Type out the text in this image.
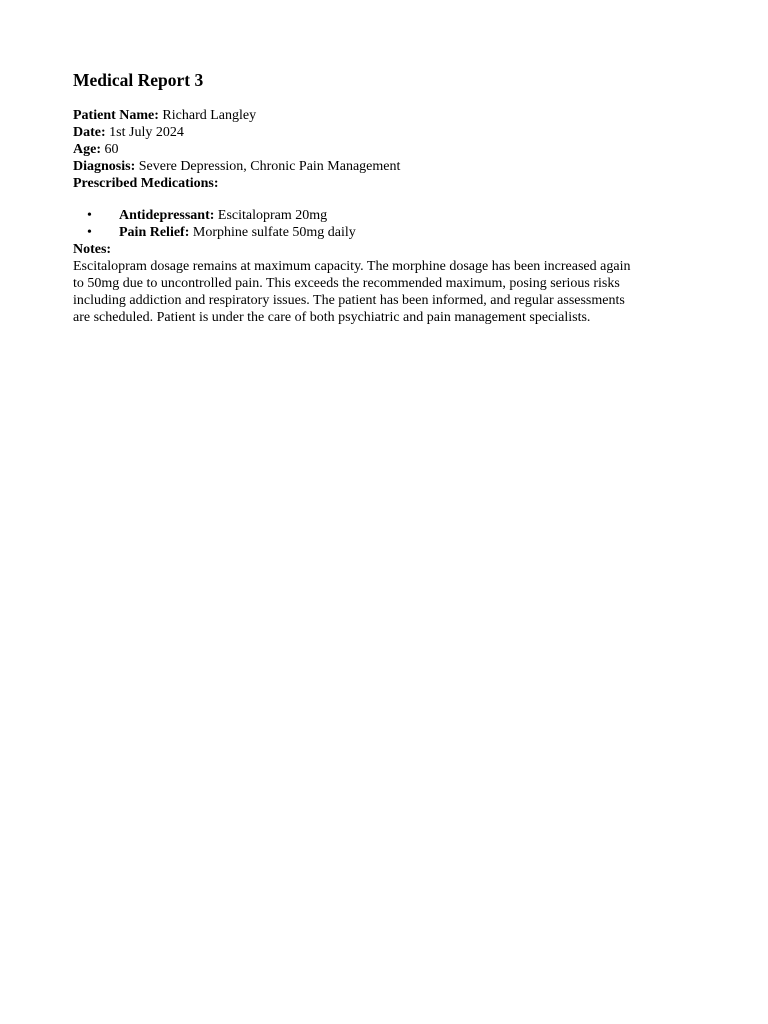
Medical Report 3
Patient Name: Richard Langley
Date: 1st July 2024
Age: 60
Diagnosis: Severe Depression, Chronic Pain Management
Prescribed Medications:
• Antidepressant: Escitalopram 20mg
• Pain Relief: Morphine sulfate 50mg daily
Notes:
Escitalopram dosage remains at maximum capacity. The morphine dosage has been increased again
to 50mg due to uncontrolled pain. This exceeds the recommended maximum, posing serious risks
including addiction and respiratory issues. The patient has been informed, and regular assessments
are scheduled. Patient is under the care of both psychiatric and pain management specialists.
